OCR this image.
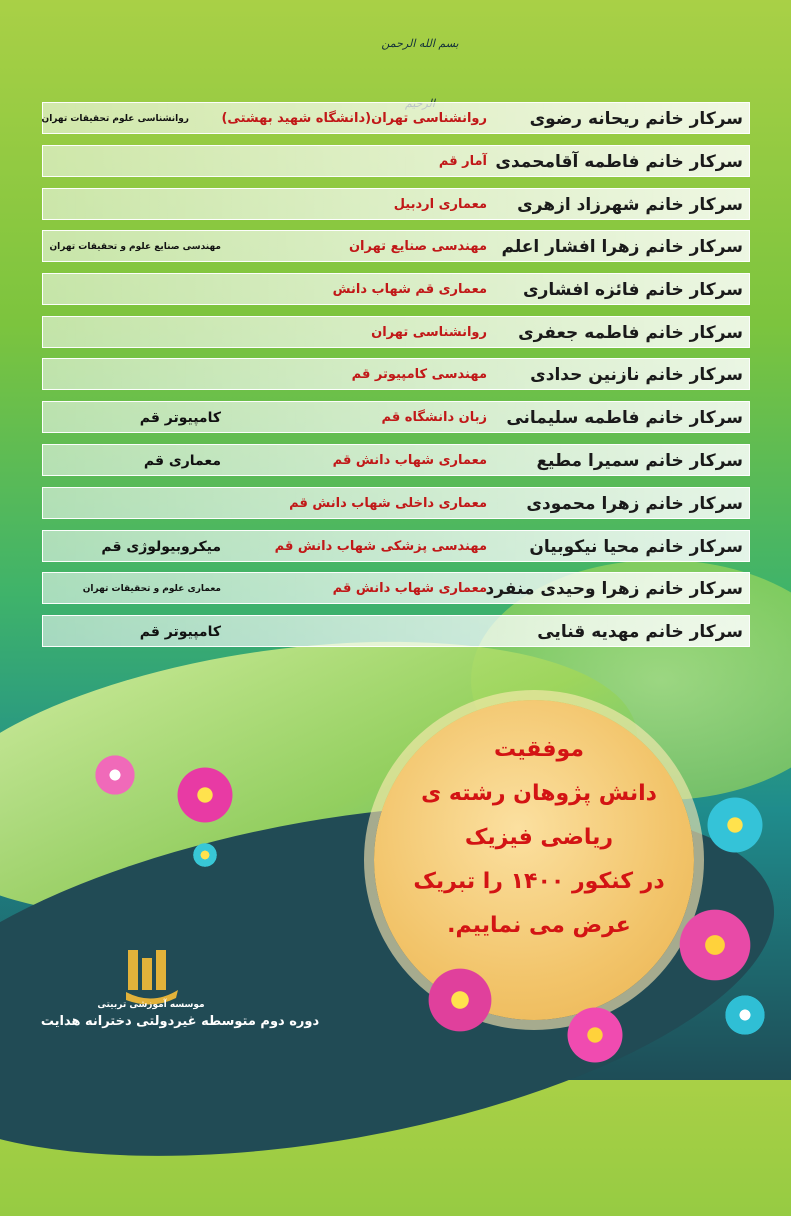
بسم الله الرحمن
سرکار خانم ریحانه رضوی
روانشناسی تهران(دانشگاه شهید بهشتی)
روانشناسی علوم تحقیقات تهران
سرکار خانم فاطمه آقامحمدی
آمار قم
سرکار خانم شهرزاد ازهری
معماری اردبیل
سرکار خانم زهرا افشار اعلم
مهندسی صنایع تهران
مهندسی صنایع علوم و تحقیقات تهران
سرکار خانم فائزه افشاری
معماری قم شهاب دانش
سرکار خانم فاطمه جعفری
روانشناسی تهران
سرکار خانم نازنین حدادی
مهندسی کامپیوتر قم
سرکار خانم فاطمه سلیمانی
زبان دانشگاه قم
کامپیوتر قم
سرکار خانم سمیرا مطیع
معماری شهاب دانش قم
معماری قم
سرکار خانم زهرا محمودی
معماری داخلی شهاب دانش قم
سرکار خانم محیا نیکوبیان
مهندسی پزشکی شهاب دانش قم
میکروبیولوژی قم
سرکار خانم زهرا وحیدی منفرد
معماری شهاب دانش قم
معماری علوم و تحقیقات تهران
سرکار خانم مهدیه قنایی
کامپیوتر قم
موفقیت
دانش پژوهان رشته ی
ریاضی فیزیک
در کنکور ۱۴۰۰ را تبریک
عرض می نماییم.
موسسه آموزشی تربیتی
دوره دوم متوسطه غیردولتی دخترانه هدایت
